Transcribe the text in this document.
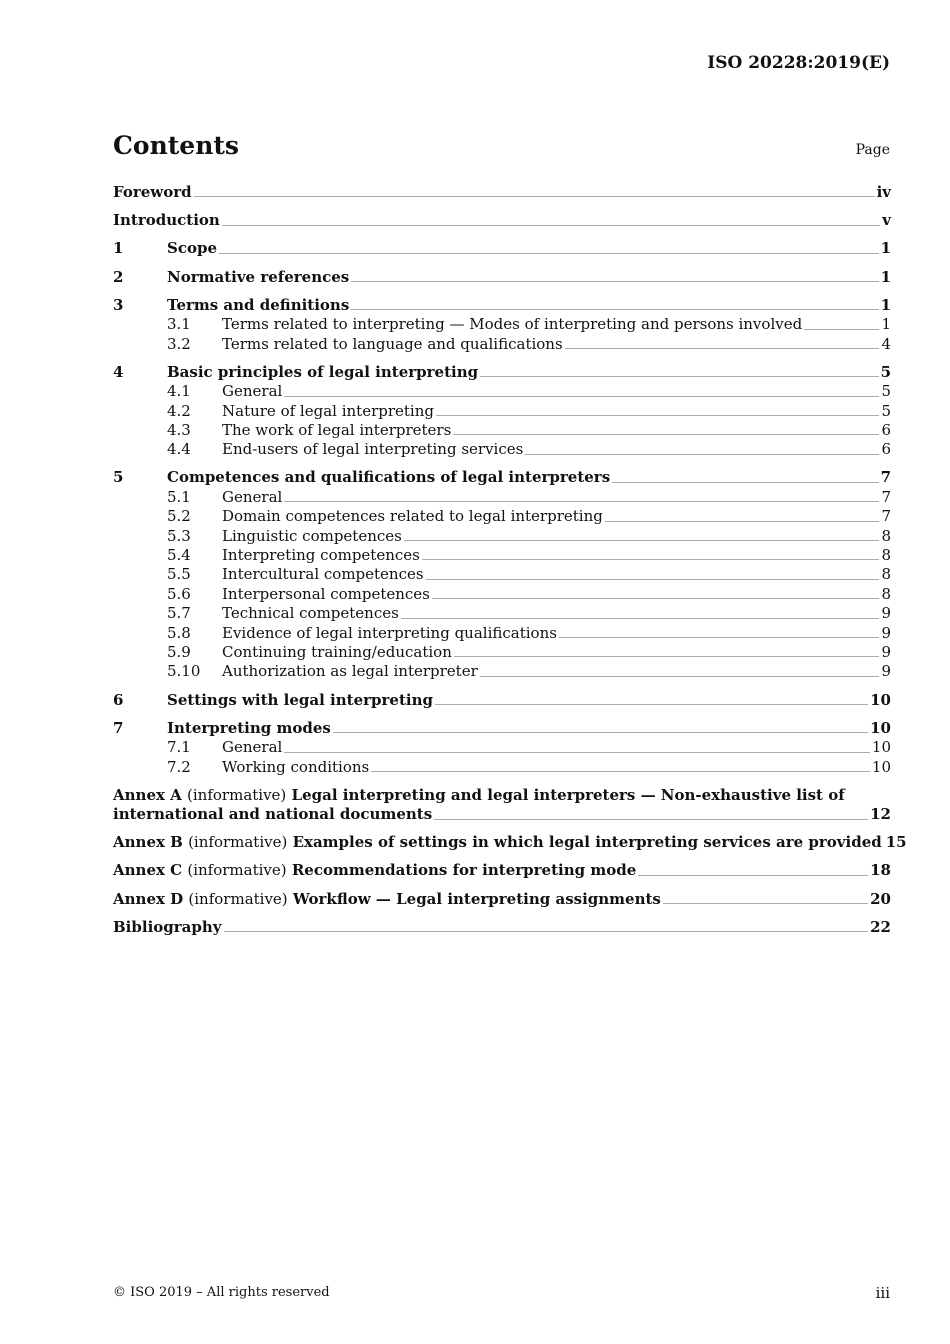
ISO 20228:2019(E)
Contents	Page
Foreword	iv
Introduction	v
1	Scope	1
2	Normative references	1
3	Terms and definitions	1
3.1	Terms related to interpreting — Modes of interpreting and persons involved	1
3.2	Terms related to language and qualifications	4
4	Basic principles of legal interpreting	5
4.1	General	5
4.2	Nature of legal interpreting	5
4.3	The work of legal interpreters	6
4.4	End-users of legal interpreting services	6
5	Competences and qualifications of legal interpreters	7
5.1	General	7
5.2	Domain competences related to legal interpreting	7
5.3	Linguistic competences	8
5.4	Interpreting competences	8
5.5	Intercultural competences	8
5.6	Interpersonal competences	8
5.7	Technical competences	9
5.8	Evidence of legal interpreting qualifications	9
5.9	Continuing training/education	9
5.10	Authorization as legal interpreter	9
6	Settings with legal interpreting	10
7	Interpreting modes	10
7.1	General	10
7.2	Working conditions	10
Annex A (informative) Legal interpreting and legal interpreters — Non-exhaustive list of
international and national documents	12
Annex B (informative) Examples of settings in which legal interpreting services are provided 15
Annex C (informative) Recommendations for interpreting mode	18
Annex D (informative) Workflow — Legal interpreting assignments	20
Bibliography	22
© ISO 2019 – All rights reserved	iii
